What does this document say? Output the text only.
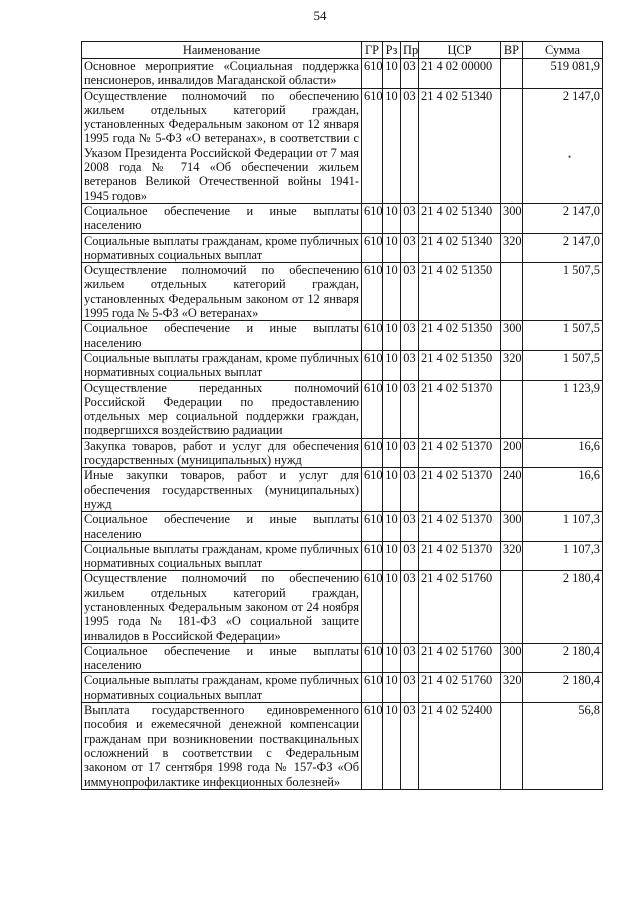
54
Наименование	ГР	Рз	Пр	ЦСР	ВР	Сумма
Основное мероприятие «Социальная поддержка пенсионеров, инвалидов Магаданской области»	610	10	03	21 4 02 00000		519 081,9
Осуществление полномочий по обеспечению жильем отдельных категорий граждан, установленных Федеральным законом от 12 января 1995 года № 5-ФЗ «О ветеранах», в соответствии с Указом Президента Российской Федерации от 7 мая 2008 года № 714 «Об обеспечении жильем ветеранов Великой Отечественной войны 1941-1945 годов»	610	10	03	21 4 02 51340		2 147,0
Социальное обеспечение и иные выплаты населению	610	10	03	21 4 02 51340	300	2 147,0
Социальные выплаты гражданам, кроме публичных нормативных социальных выплат	610	10	03	21 4 02 51340	320	2 147,0
Осуществление полномочий по обеспечению жильем отдельных категорий граждан, установленных Федеральным законом от 12 января 1995 года № 5-ФЗ «О ветеранах»	610	10	03	21 4 02 51350		1 507,5
Социальное обеспечение и иные выплаты населению	610	10	03	21 4 02 51350	300	1 507,5
Социальные выплаты гражданам, кроме публичных нормативных социальных выплат	610	10	03	21 4 02 51350	320	1 507,5
Осуществление переданных полномочий Российской Федерации по предоставлению отдельных мер социальной поддержки граждан, подвергшихся воздействию радиации	610	10	03	21 4 02 51370		1 123,9
Закупка товаров, работ и услуг для обеспечения государственных (муниципальных) нужд	610	10	03	21 4 02 51370	200	16,6
Иные закупки товаров, работ и услуг для обеспечения государственных (муниципальных) нужд	610	10	03	21 4 02 51370	240	16,6
Социальное обеспечение и иные выплаты населению	610	10	03	21 4 02 51370	300	1 107,3
Социальные выплаты гражданам, кроме публичных нормативных социальных выплат	610	10	03	21 4 02 51370	320	1 107,3
Осуществление полномочий по обеспечению жильем отдельных категорий граждан, установленных Федеральным законом от 24 ноября 1995 года № 181-ФЗ «О социальной защите инвалидов в Российской Федерации»	610	10	03	21 4 02 51760		2 180,4
Социальное обеспечение и иные выплаты населению	610	10	03	21 4 02 51760	300	2 180,4
Социальные выплаты гражданам, кроме публичных нормативных социальных выплат	610	10	03	21 4 02 51760	320	2 180,4
Выплата государственного единовременного пособия и ежемесячной денежной компенсации гражданам при возникновении поствакцинальных осложнений в соответствии с Федеральным законом от 17 сентября 1998 года № 157-ФЗ «Об иммунопрофилактике инфекционных болезней»	610	10	03	21 4 02 52400		56,8
•
